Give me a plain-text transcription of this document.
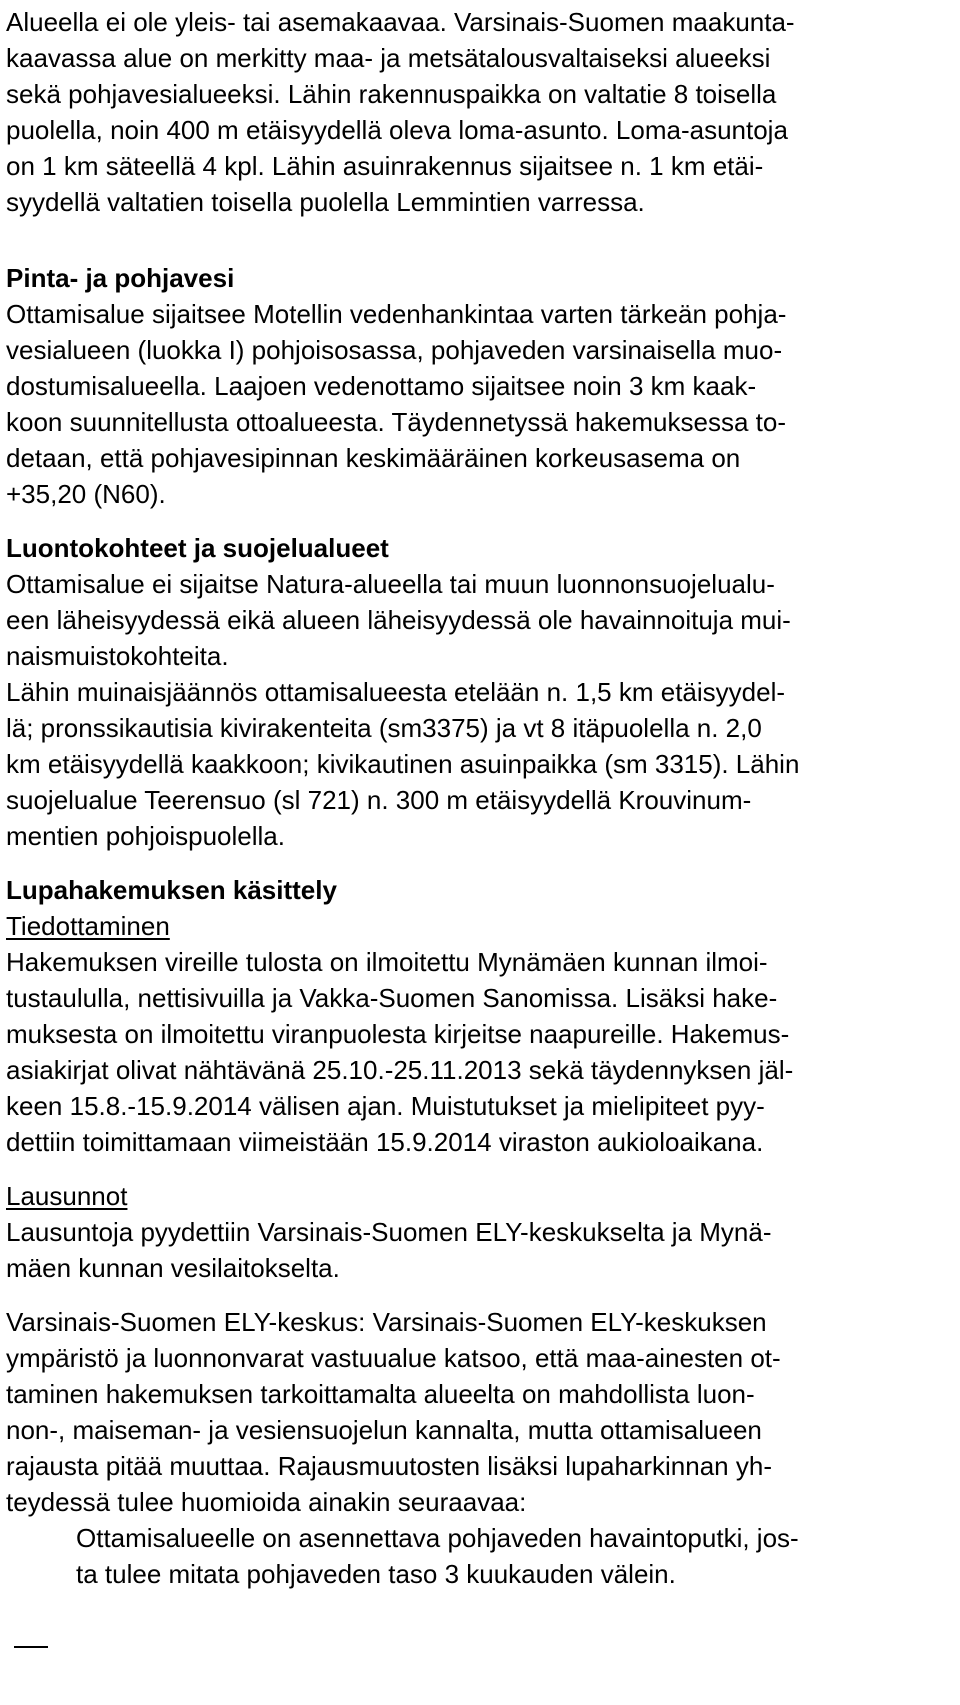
Alueella ei ole yleis- tai asemakaavaa. Varsinais-Suomen maakunta-

kaavassa alue on merkitty maa- ja metsätalousvaltaiseksi alueeksi

sekä pohjavesialueeksi. Lähin rakennuspaikka on valtatie 8 toisella

puolella, noin 400 m etäisyydellä oleva loma-asunto. Loma-asuntoja

on 1 km säteellä 4 kpl. Lähin asuinrakennus sijaitsee n. 1 km etäi-

syydellä valtatien toisella puolella Lemmintien varressa.

Pinta- ja pohjavesi

Ottamisalue sijaitsee Motellin vedenhankintaa varten tärkeän pohja-

vesialueen (luokka I) pohjoisosassa, pohjaveden varsinaisella muo-

dostumisalueella. Laajoen vedenottamo sijaitsee noin 3 km kaak-

koon suunnitellusta ottoalueesta. Täydennetyssä hakemuksessa to-

detaan, että pohjavesipinnan keskimääräinen korkeusasema on

+35,20 (N60).

Luontokohteet ja suojelualueet

Ottamisalue ei sijaitse Natura-alueella tai muun luonnonsuojelualu-

een läheisyydessä eikä alueen läheisyydessä ole havainnoituja mui-

naismuistokohteita.

Lähin muinaisjäännös ottamisalueesta etelään n. 1,5 km etäisyydel-

lä; pronssikautisia kivirakenteita (sm3375) ja vt 8 itäpuolella n. 2,0

km etäisyydellä kaakkoon; kivikautinen asuinpaikka (sm 3315). Lähin

suojelualue Teerensuo (sl 721) n. 300 m etäisyydellä Krouvinum-

mentien pohjoispuolella.

Lupahakemuksen käsittely

Tiedottaminen

Hakemuksen vireille tulosta on ilmoitettu Mynämäen kunnan ilmoi-

tustaululla, nettisivuilla ja Vakka-Suomen Sanomissa. Lisäksi hake-

muksesta on ilmoitettu viranpuolesta kirjeitse naapureille. Hakemus-

asiakirjat olivat nähtävänä 25.10.-25.11.2013 sekä täydennyksen jäl-

keen 15.8.-15.9.2014 välisen ajan. Muistutukset ja mielipiteet pyy-

dettiin toimittamaan viimeistään 15.9.2014 viraston aukioloaikana.

Lausunnot

Lausuntoja pyydettiin Varsinais-Suomen ELY-keskukselta ja Mynä-

mäen kunnan vesilaitokselta.

Varsinais-Suomen ELY-keskus: Varsinais-Suomen ELY-keskuksen

ympäristö ja luonnonvarat vastuualue katsoo, että maa-ainesten ot-

taminen hakemuksen tarkoittamalta alueelta on mahdollista luon-

non-, maiseman- ja vesiensuojelun kannalta, mutta ottamisalueen

rajausta pitää muuttaa. Rajausmuutosten lisäksi lupaharkinnan yh-

teydessä tulee huomioida ainakin seuraavaa:

Ottamisalueelle on asennettava pohjaveden havaintoputki, jos-

ta tulee mitata pohjaveden taso 3 kuukauden välein.
